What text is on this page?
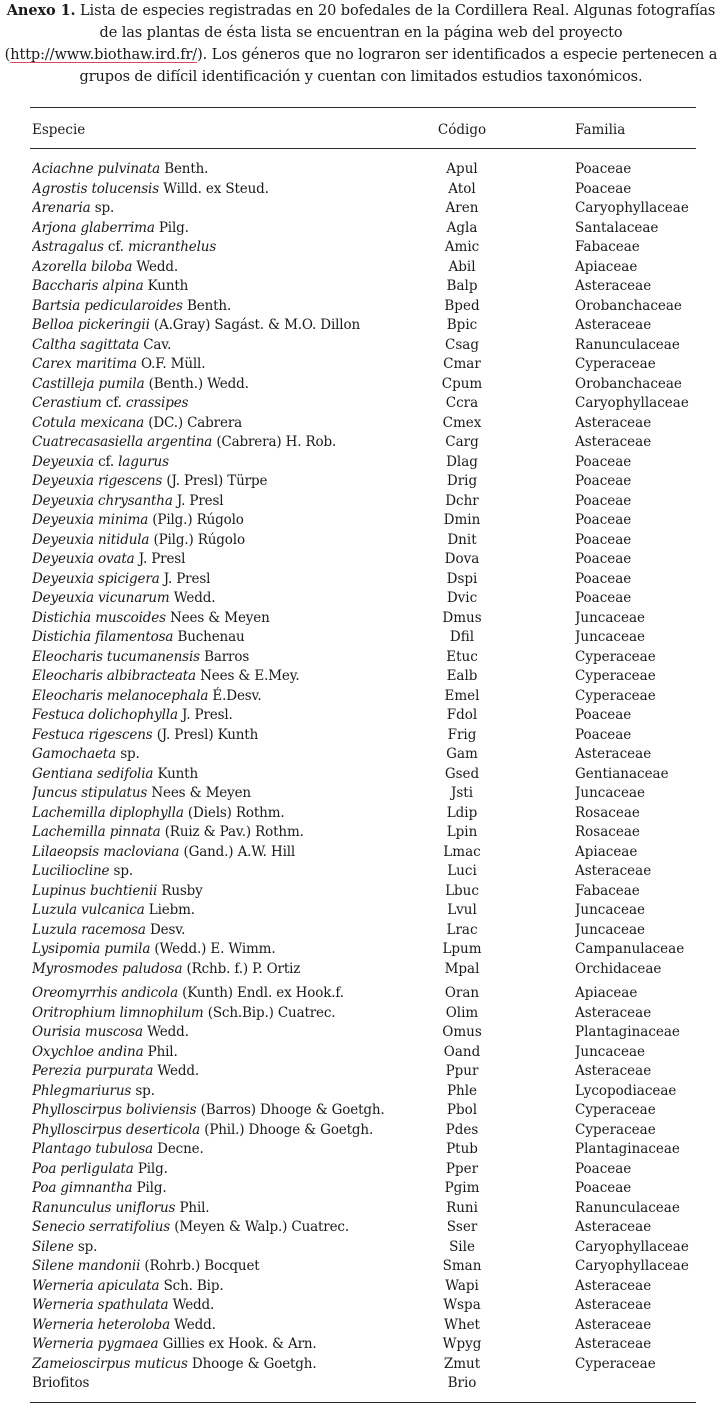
Anexo 1. Lista de especies registradas en 20 bofedales de la Cordillera Real. Algunas fotografías de las plantas de ésta lista se encuentran en la página web del proyecto (http://www.biothaw.ird.fr/). Los géneros que no lograron ser identificados a especie pertenecen a grupos de difícil identificación y cuentan con limitados estudios taxonómicos.
Especie	Código	Familia
Aciachne pulvinata Benth.	Apul	Poaceae
Agrostis tolucensis Willd. ex Steud.	Atol	Poaceae
Arenaria sp.	Aren	Caryophyllaceae
Arjona glaberrima Pilg.	Agla	Santalaceae
Astragalus cf. micranthelus	Amic	Fabaceae
Azorella biloba Wedd.	Abil	Apiaceae
Baccharis alpina Kunth	Balp	Asteraceae
Bartsia pedicularoides Benth.	Bped	Orobanchaceae
Belloa pickeringii (A.Gray) Sagást. & M.O. Dillon	Bpic	Asteraceae
Caltha sagittata Cav.	Csag	Ranunculaceae
Carex maritima O.F. Müll.	Cmar	Cyperaceae
Castilleja pumila (Benth.) Wedd.	Cpum	Orobanchaceae
Cerastium cf. crassipes	Ccra	Caryophyllaceae
Cotula mexicana (DC.) Cabrera	Cmex	Asteraceae
Cuatrecasasiella argentina (Cabrera) H. Rob.	Carg	Asteraceae
Deyeuxia cf. lagurus	Dlag	Poaceae
Deyeuxia rigescens (J. Presl) Türpe	Drig	Poaceae
Deyeuxia chrysantha J. Presl	Dchr	Poaceae
Deyeuxia minima (Pilg.) Rúgolo	Dmin	Poaceae
Deyeuxia nitidula (Pilg.) Rúgolo	Dnit	Poaceae
Deyeuxia ovata J. Presl	Dova	Poaceae
Deyeuxia spicigera J. Presl	Dspi	Poaceae
Deyeuxia vicunarum Wedd.	Dvic	Poaceae
Distichia muscoides Nees & Meyen	Dmus	Juncaceae
Distichia filamentosa Buchenau	Dfil	Juncaceae
Eleocharis tucumanensis Barros	Etuc	Cyperaceae
Eleocharis albibracteata Nees & E.Mey.	Ealb	Cyperaceae
Eleocharis melanocephala É.Desv.	Emel	Cyperaceae
Festuca dolichophylla J. Presl.	Fdol	Poaceae
Festuca rigescens (J. Presl) Kunth	Frig	Poaceae
Gamochaeta sp.	Gam	Asteraceae
Gentiana sedifolia Kunth	Gsed	Gentianaceae
Juncus stipulatus Nees & Meyen	Jsti	Juncaceae
Lachemilla diplophylla (Diels) Rothm.	Ldip	Rosaceae
Lachemilla pinnata (Ruiz & Pav.) Rothm.	Lpin	Rosaceae
Lilaeopsis macloviana (Gand.) A.W. Hill	Lmac	Apiaceae
Luciliocline sp.	Luci	Asteraceae
Lupinus buchtienii Rusby	Lbuc	Fabaceae
Luzula vulcanica Liebm.	Lvul	Juncaceae
Luzula racemosa Desv.	Lrac	Juncaceae
Lysipomia pumila (Wedd.) E. Wimm.	Lpum	Campanulaceae
Myrosmodes paludosa (Rchb. f.) P. Ortiz	Mpal	Orchidaceae
Oreomyrrhis andicola (Kunth) Endl. ex Hook.f.	Oran	Apiaceae
Oritrophium limnophilum (Sch.Bip.) Cuatrec.	Olim	Asteraceae
Ourisia muscosa Wedd.	Omus	Plantaginaceae
Oxychloe andina Phil.	Oand	Juncaceae
Perezia purpurata Wedd.	Ppur	Asteraceae
Phlegmariurus sp.	Phle	Lycopodiaceae
Phylloscirpus boliviensis (Barros) Dhooge & Goetgh.	Pbol	Cyperaceae
Phylloscirpus deserticola (Phil.) Dhooge & Goetgh.	Pdes	Cyperaceae
Plantago tubulosa Decne.	Ptub	Plantaginaceae
Poa perligulata Pilg.	Pper	Poaceae
Poa gimnantha Pilg.	Pgim	Poaceae
Ranunculus uniflorus Phil.	Runi	Ranunculaceae
Senecio serratifolius (Meyen & Walp.) Cuatrec.	Sser	Asteraceae
Silene sp.	Sile	Caryophyllaceae
Silene mandonii (Rohrb.) Bocquet	Sman	Caryophyllaceae
Werneria apiculata Sch. Bip.	Wapi	Asteraceae
Werneria spathulata Wedd.	Wspa	Asteraceae
Werneria heteroloba Wedd.	Whet	Asteraceae
Werneria pygmaea Gillies ex Hook. & Arn.	Wpyg	Asteraceae
Zameioscirpus muticus Dhooge & Goetgh.	Zmut	Cyperaceae
Briofitos	Brio
